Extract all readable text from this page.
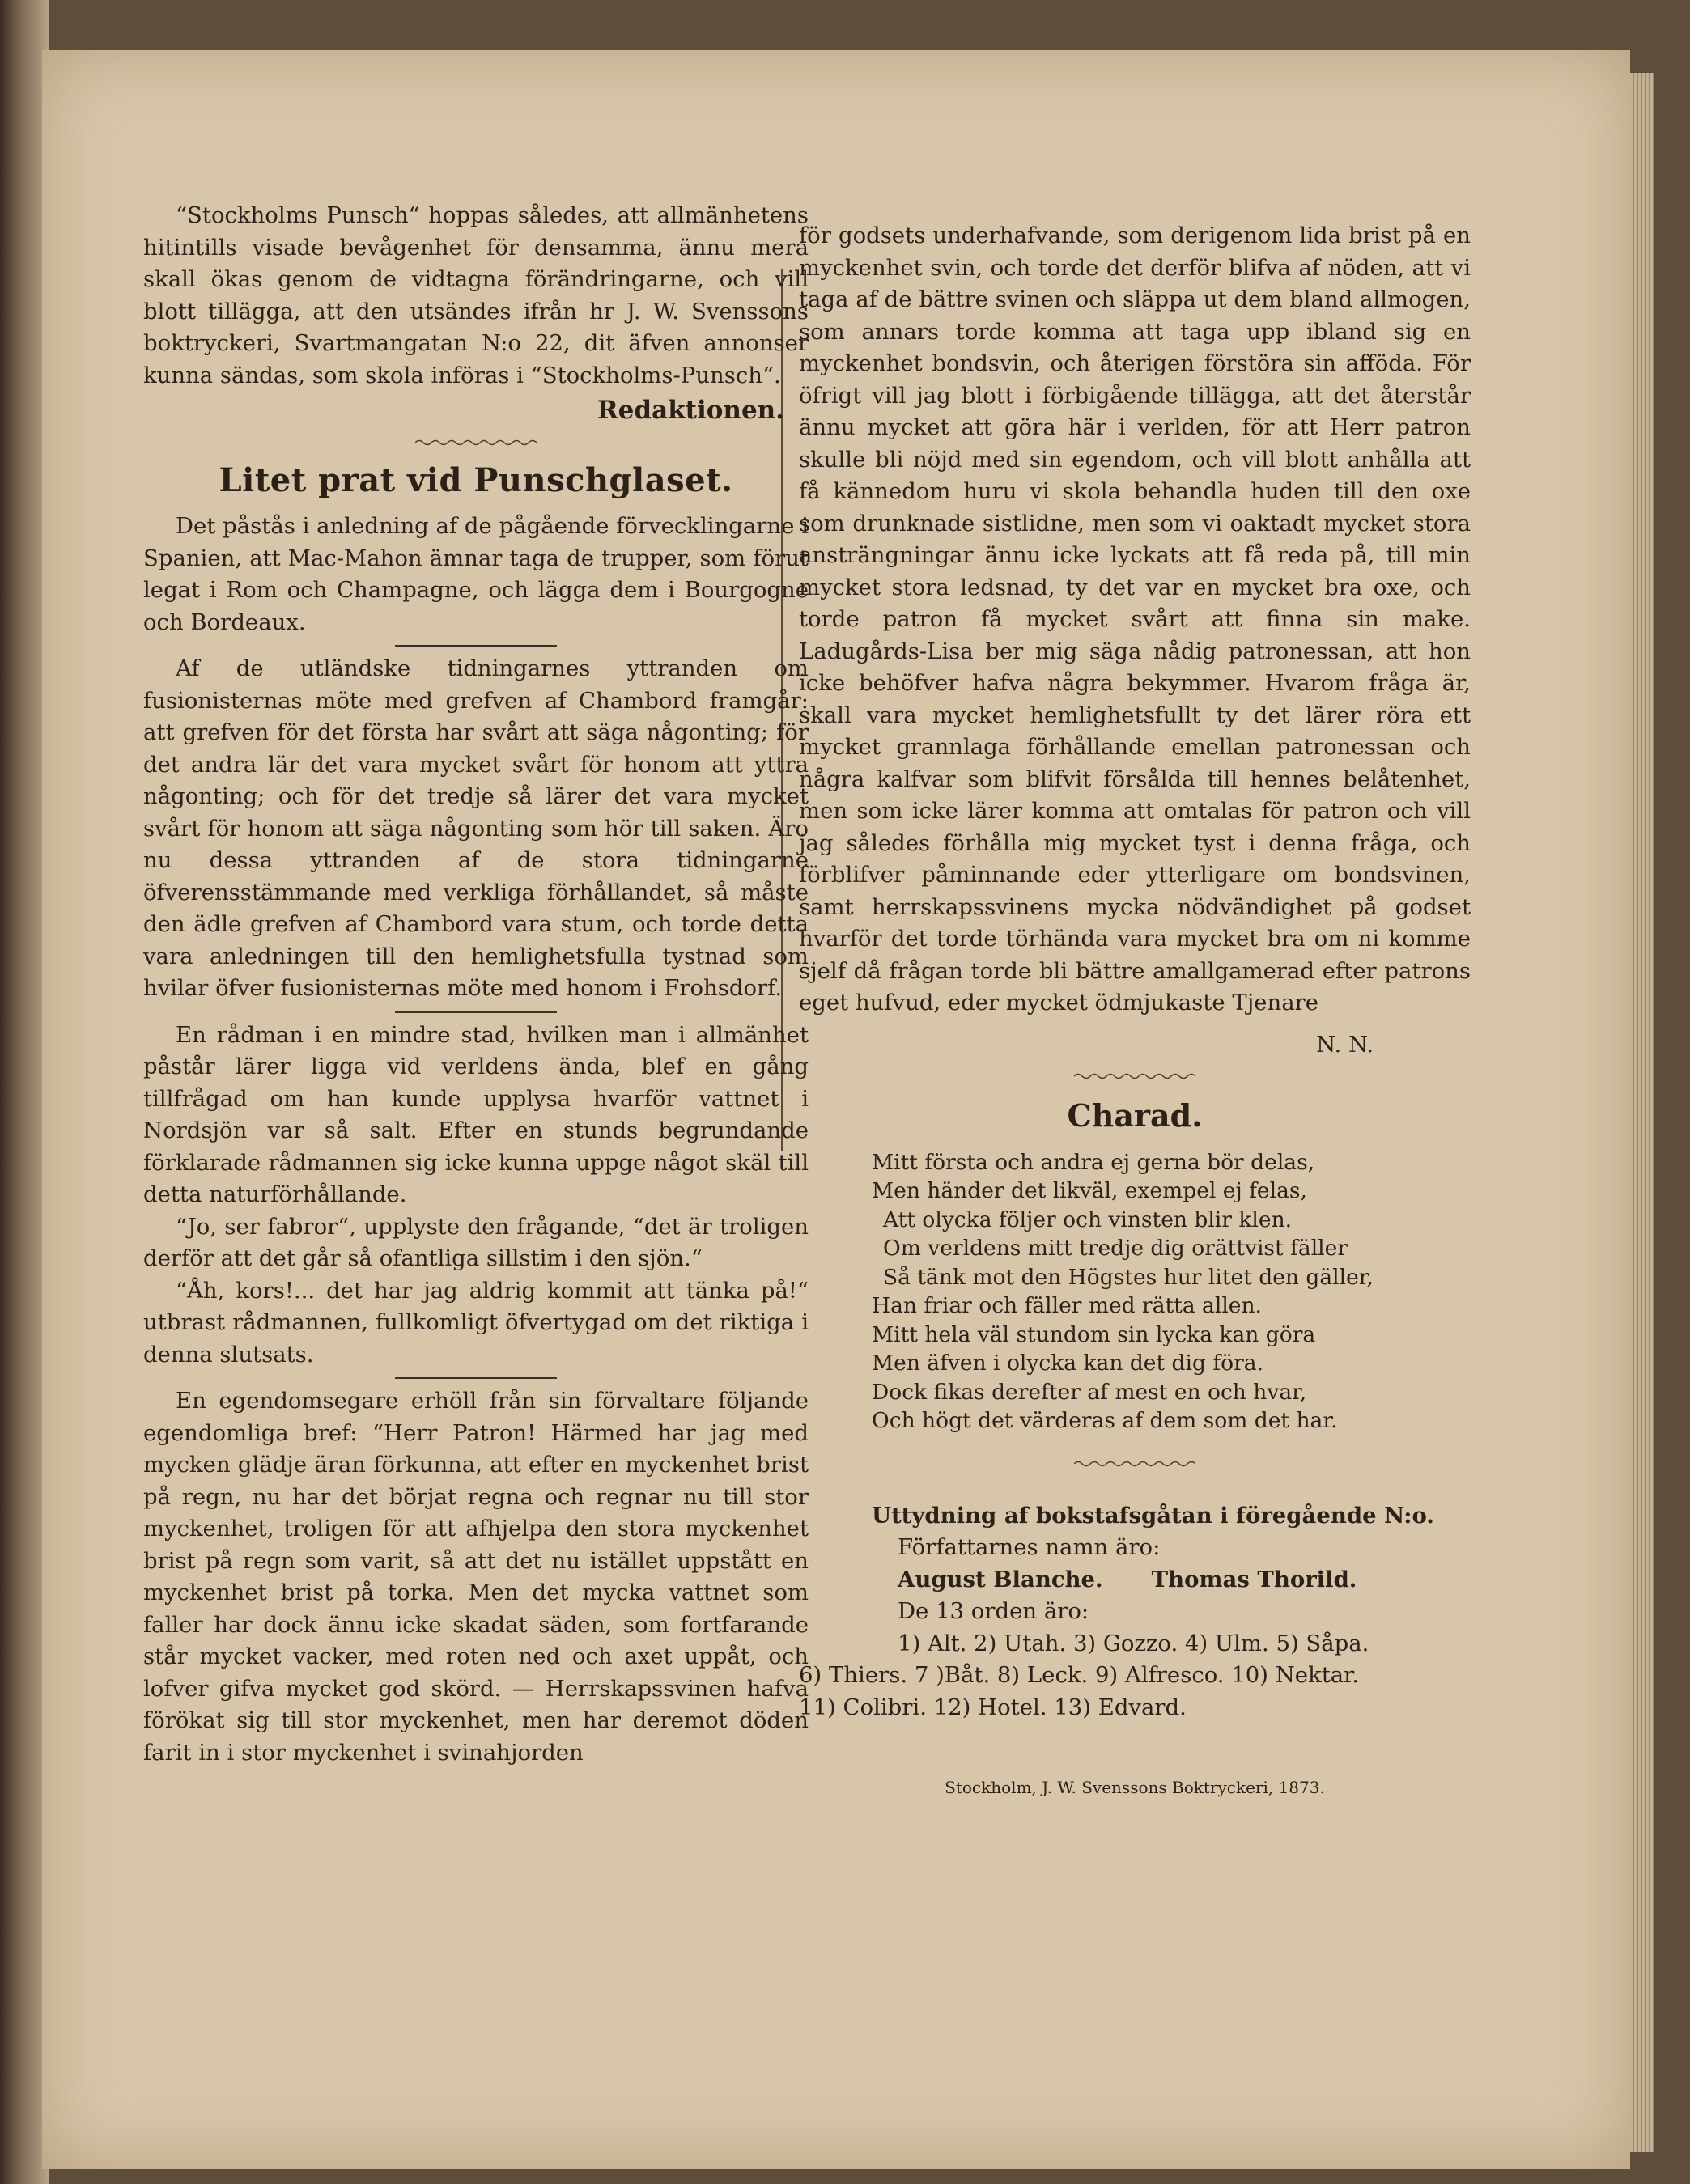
“Stockholms Punsch“ hoppas således, att allmänhetens hitintills visade bevågenhet för densamma, ännu mera skall ökas genom de vidtagna förändringarne, och vill blott tillägga, att den utsändes ifrån hr J. W. Svenssons boktryckeri, Svartmangatan N:o 22, dit äfven annonser kunna sändas, som skola införas i “Stockholms-Punsch“.

Redaktionen.
Litet prat vid Punschglaset.

Det påstås i anledning af de pågående förvecklingarne i Spanien, att Mac-Mahon ämnar taga de trupper, som förut legat i Rom och Champagne, och lägga dem i Bourgogne och Bordeaux.

Af de utländske tidningarnes yttranden om fusionisternas möte med grefven af Chambord framgår: att grefven för det första har svårt att säga någonting; för det andra lär det vara mycket svårt för honom att yttra någonting; och för det tredje så lärer det vara mycket svårt för honom att säga någonting som hör till saken. Äro nu dessa yttranden af de stora tidningarne öfverensstämmande med verkliga förhållandet, så måste den ädle grefven af Chambord vara stum, och torde detta vara anledningen till den hemlighetsfulla tystnad som hvilar öfver fusionisternas möte med honom i Frohsdorf.

En rådman i en mindre stad, hvilken man i allmänhet påstår lärer ligga vid verldens ända, blef en gång tillfrågad om han kunde upplysa hvarför vattnet i Nordsjön var så salt. Efter en stunds begrundande förklarade rådmannen sig icke kunna uppge något skäl till detta naturförhållande.

“Jo, ser fabror“, upplyste den frågande, “det är troligen derför att det går så ofantliga sillstim i den sjön.“

“Åh, kors!... det har jag aldrig kommit att tänka på!“ utbrast rådmannen, fullkomligt öfvertygad om det riktiga i denna slutsats.

En egendomsegare erhöll från sin förvaltare följande egendomliga bref: “Herr Patron! Härmed har jag med mycken glädje äran förkunna, att efter en myckenhet brist på regn, nu har det börjat regna och regnar nu till stor myckenhet, troligen för att afhjelpa den stora myckenhet brist på regn som varit, så att det nu istället uppstått en myckenhet brist på torka. Men det mycka vattnet som faller har dock ännu icke skadat säden, som fortfarande står mycket vacker, med roten ned och axet uppåt, och lofver gifva mycket god skörd. — Herrskapssvinen hafva förökat sig till stor myckenhet, men har deremot döden farit in i stor myckenhet i svinahjorden

för godsets underhafvande, som derigenom lida brist på en myckenhet svin, och torde det derför blifva af nöden, att vi taga af de bättre svinen och släppa ut dem bland allmogen, som annars torde komma att taga upp ibland sig en myckenhet bondsvin, och återigen förstöra sin afföda. För öfrigt vill jag blott i förbigående tillägga, att det återstår ännu mycket att göra här i verlden, för att Herr patron skulle bli nöjd med sin egendom, och vill blott anhålla att få kännedom huru vi skola behandla huden till den oxe som drunknade sistlidne, men som vi oaktadt mycket stora ansträngningar ännu icke lyckats att få reda på, till min mycket stora ledsnad, ty det var en mycket bra oxe, och torde patron få mycket svårt att finna sin make. Ladugårds-Lisa ber mig säga nådig patronessan, att hon icke behöfver hafva några bekymmer. Hvarom fråga är, skall vara mycket hemlighetsfullt ty det lärer röra ett mycket grannlaga förhållande emellan patronessan och några kalfvar som blifvit försålda till hennes belåtenhet, men som icke lärer komma att omtalas för patron och vill jag således förhålla mig mycket tyst i denna fråga, och förblifver påminnande eder ytterligare om bondsvinen, samt herrskapssvinens mycka nödvändighet på godset hvarför det torde törhända vara mycket bra om ni komme sjelf då frågan torde bli bättre amallgamerad efter patrons eget hufvud, eder mycket ödmjukaste Tjenare

N. N.
Charad.
Mitt första och andra ej gerna bör delas,
Men händer det likväl, exempel ej felas,
Att olycka följer och vinsten blir klen.
Om verldens mitt tredje dig orättvist fäller
Så tänk mot den Högstes hur litet den gäller,
Han friar och fäller med rätta allen.
Mitt hela väl stundom sin lycka kan göra
Men äfven i olycka kan det dig föra.
Dock fikas derefter af mest en och hvar,
Och högt det värderas af dem som det har.
Uttydning af bokstafsgåtan i föregående N:o.
Författarnes namn äro:
August Blanche. Thomas Thorild.
De 13 orden äro:
1) Alt. 2) Utah. 3) Gozzo. 4) Ulm. 5) Såpa.
6) Thiers. 7 )Båt. 8) Leck. 9) Alfresco. 10) Nektar.
11) Colibri. 12) Hotel. 13) Edvard.
Stockholm, J. W. Svenssons Boktryckeri, 1873.
